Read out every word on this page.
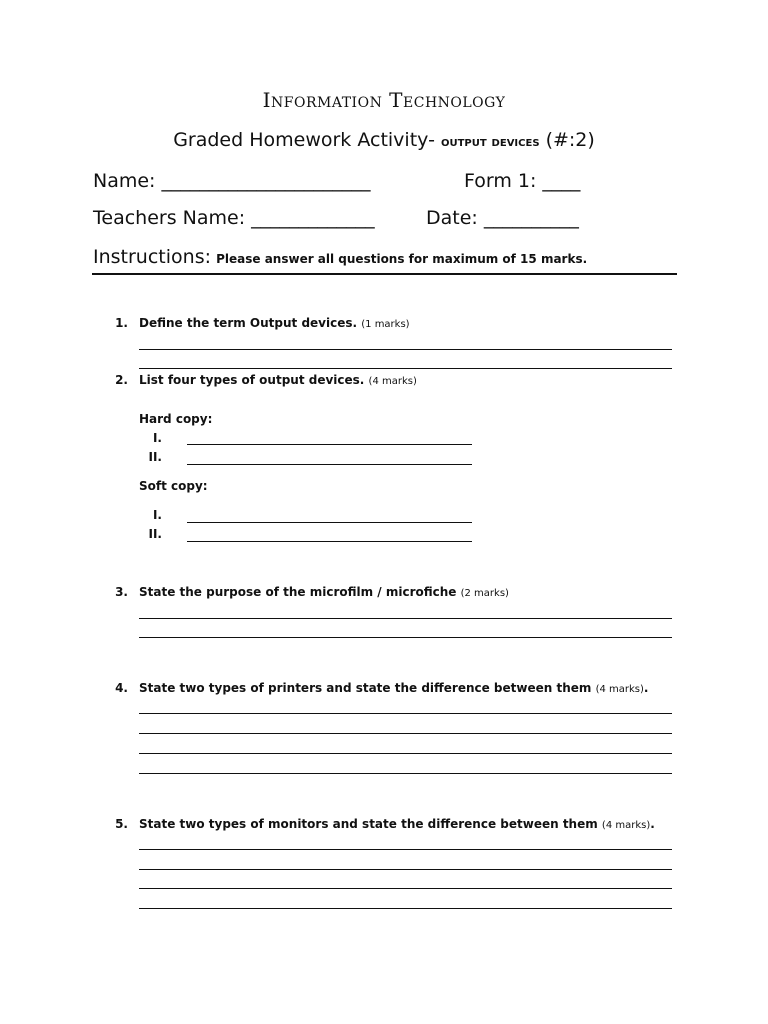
Information Technology
Graded Homework Activity- output devices (#:2)
Name: ______________________	Form 1: ____
Teachers Name: _____________	Date: __________
Instructions: Please answer all questions for maximum of 15 marks.
1. Define the term Output devices. (1 marks)
2. List four types of output devices. (4 marks)
Hard copy:
I.
II.
Soft copy:
I.
II.
3. State the purpose of the microfilm / microfiche (2 marks)
4. State two types of printers and state the difference between them (4 marks).
5. State two types of monitors and state the difference between them (4 marks).
